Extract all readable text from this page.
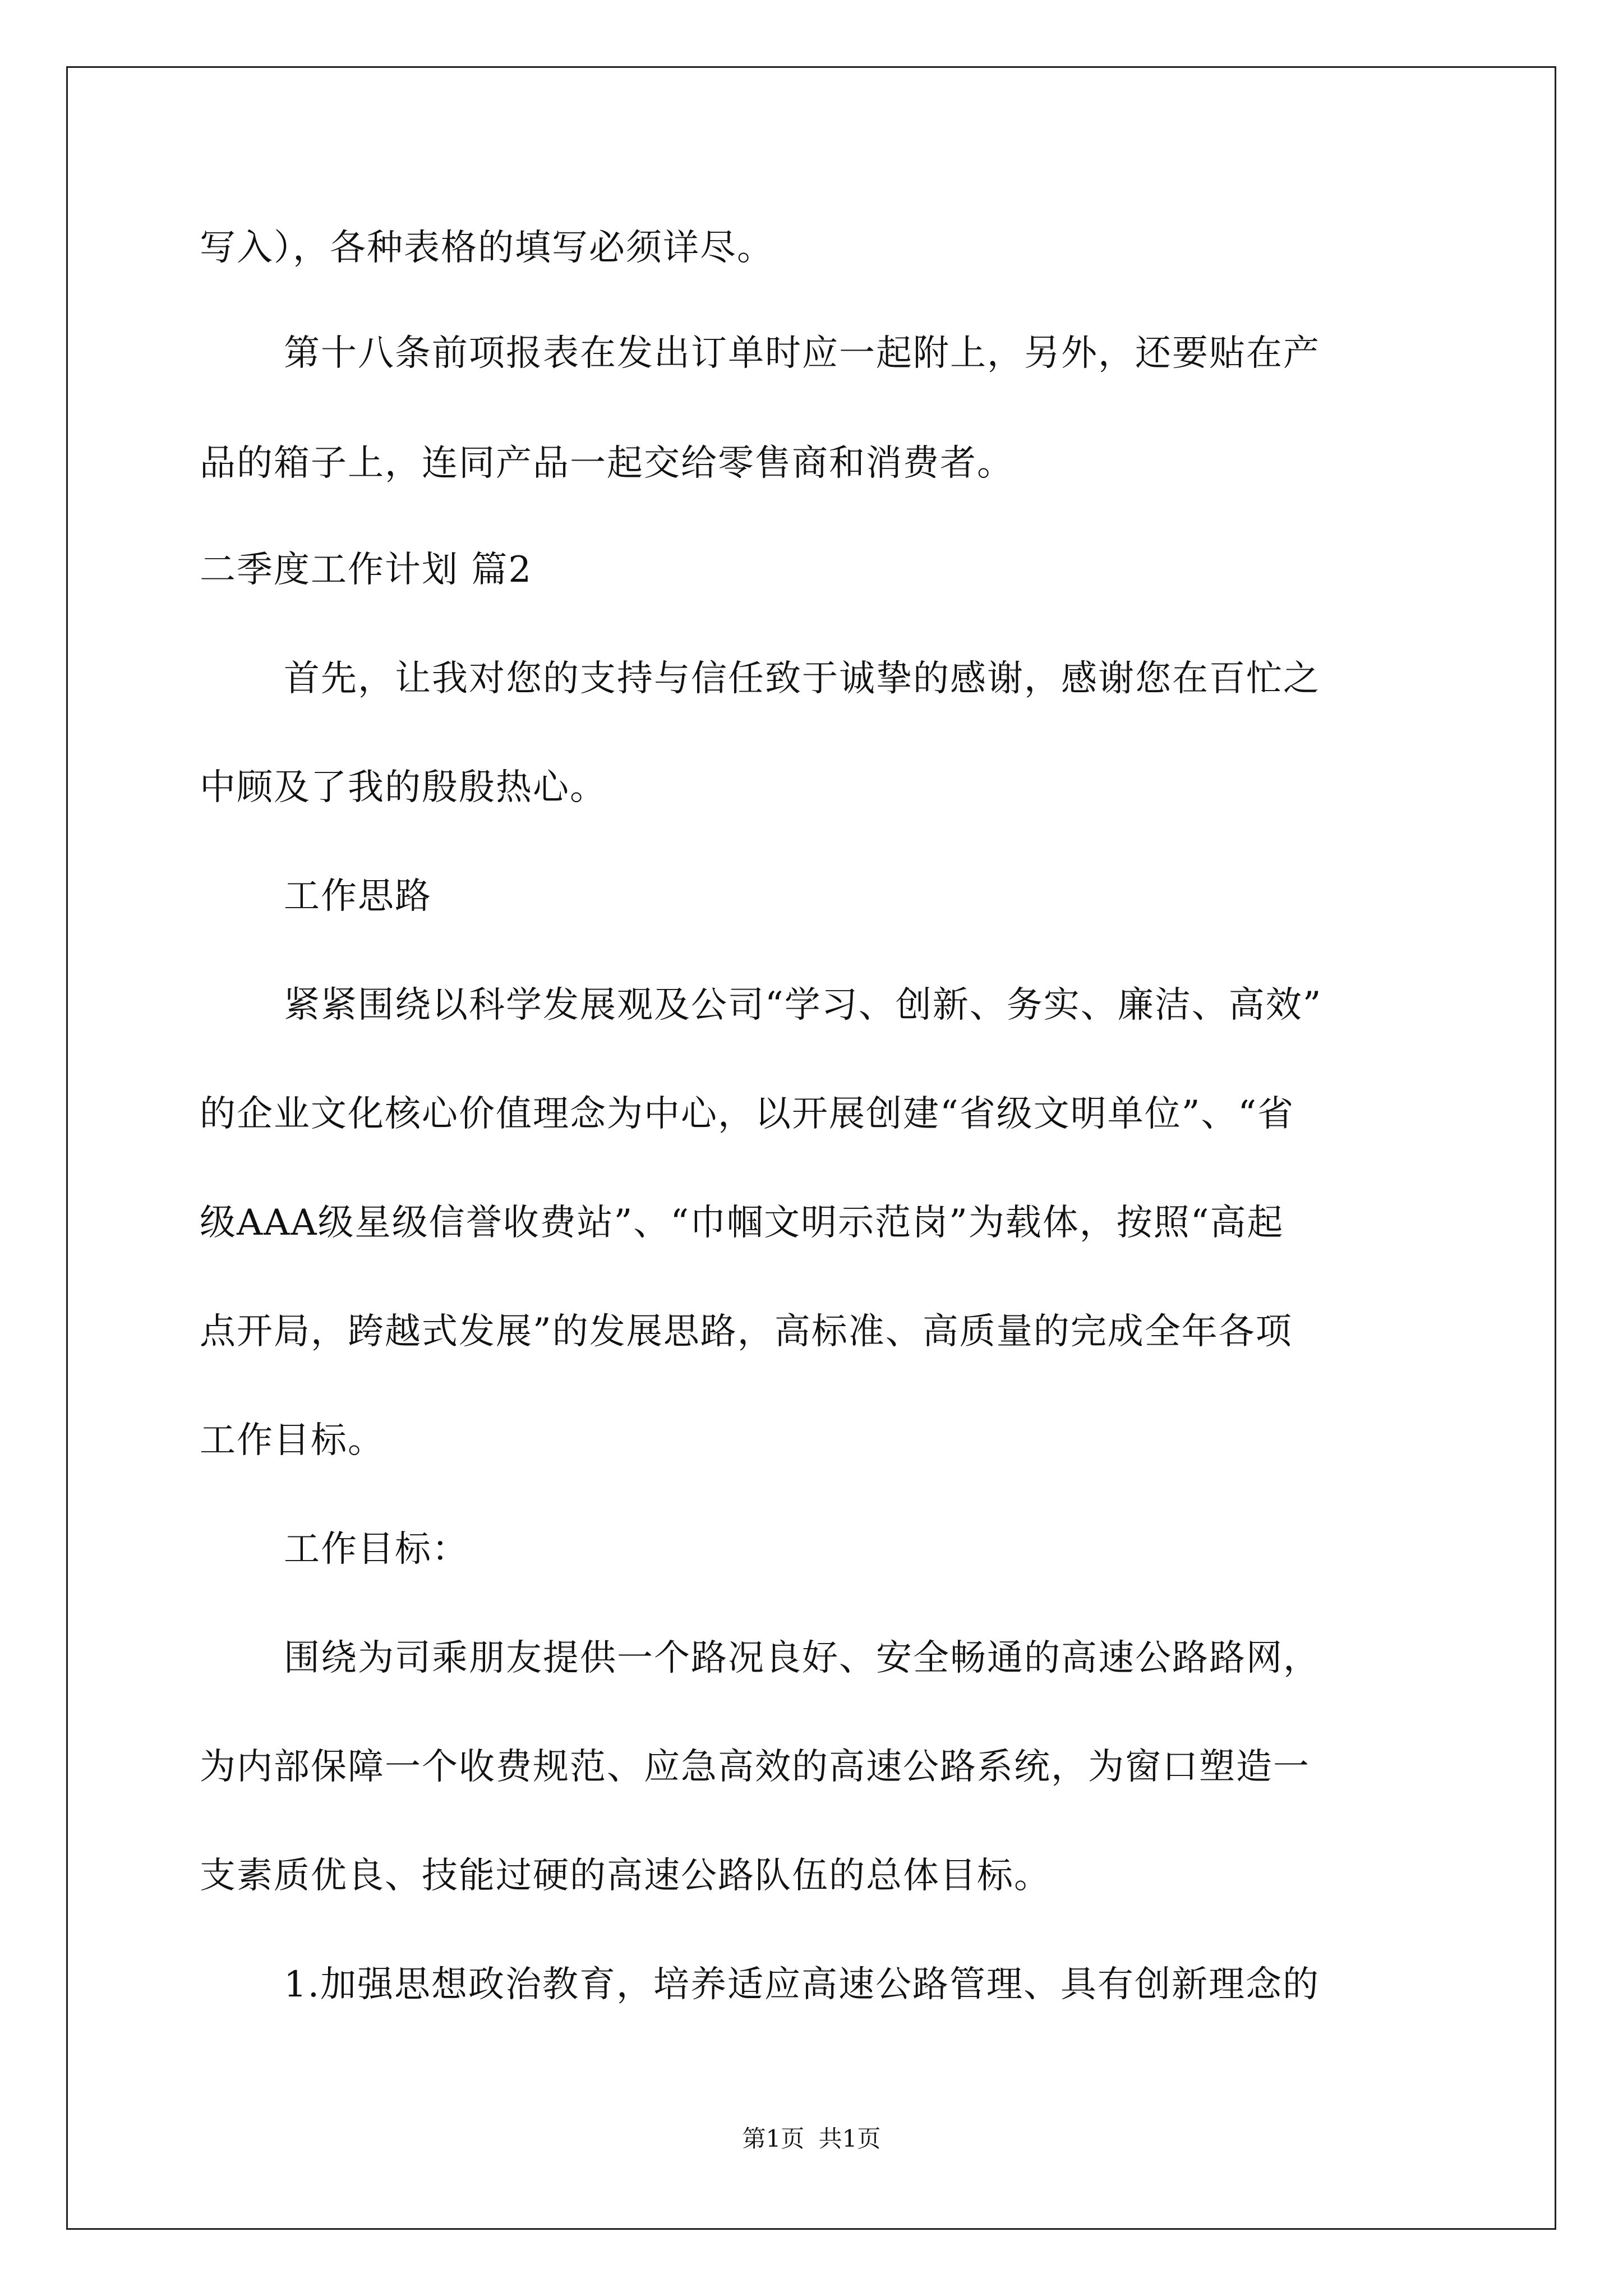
写入），各种表格的填写必须详尽。
第十八条前项报表在发出订单时应一起附上，另外，还要贴在产
品的箱子上，连同产品一起交给零售商和消费者。
二季度工作计划 篇2
首先，让我对您的支持与信任致于诚挚的感谢，感谢您在百忙之
中顾及了我的殷殷热心。
工作思路
紧紧围绕以科学发展观及公司“学习、创新、务实、廉洁、高效”
的企业文化核心价值理念为中心，以开展创建“省级文明单位”、“省
级AAA级星级信誉收费站”、“巾帼文明示范岗”为载体，按照“高起
点开局，跨越式发展”的发展思路，高标准、高质量的完成全年各项
工作目标。
工作目标：
围绕为司乘朋友提供一个路况良好、安全畅通的高速公路路网，
为内部保障一个收费规范、应急高效的高速公路系统，为窗口塑造一
支素质优良、技能过硬的高速公路队伍的总体目标。
1.加强思想政治教育，培养适应高速公路管理、具有创新理念的
第1页 共1页
